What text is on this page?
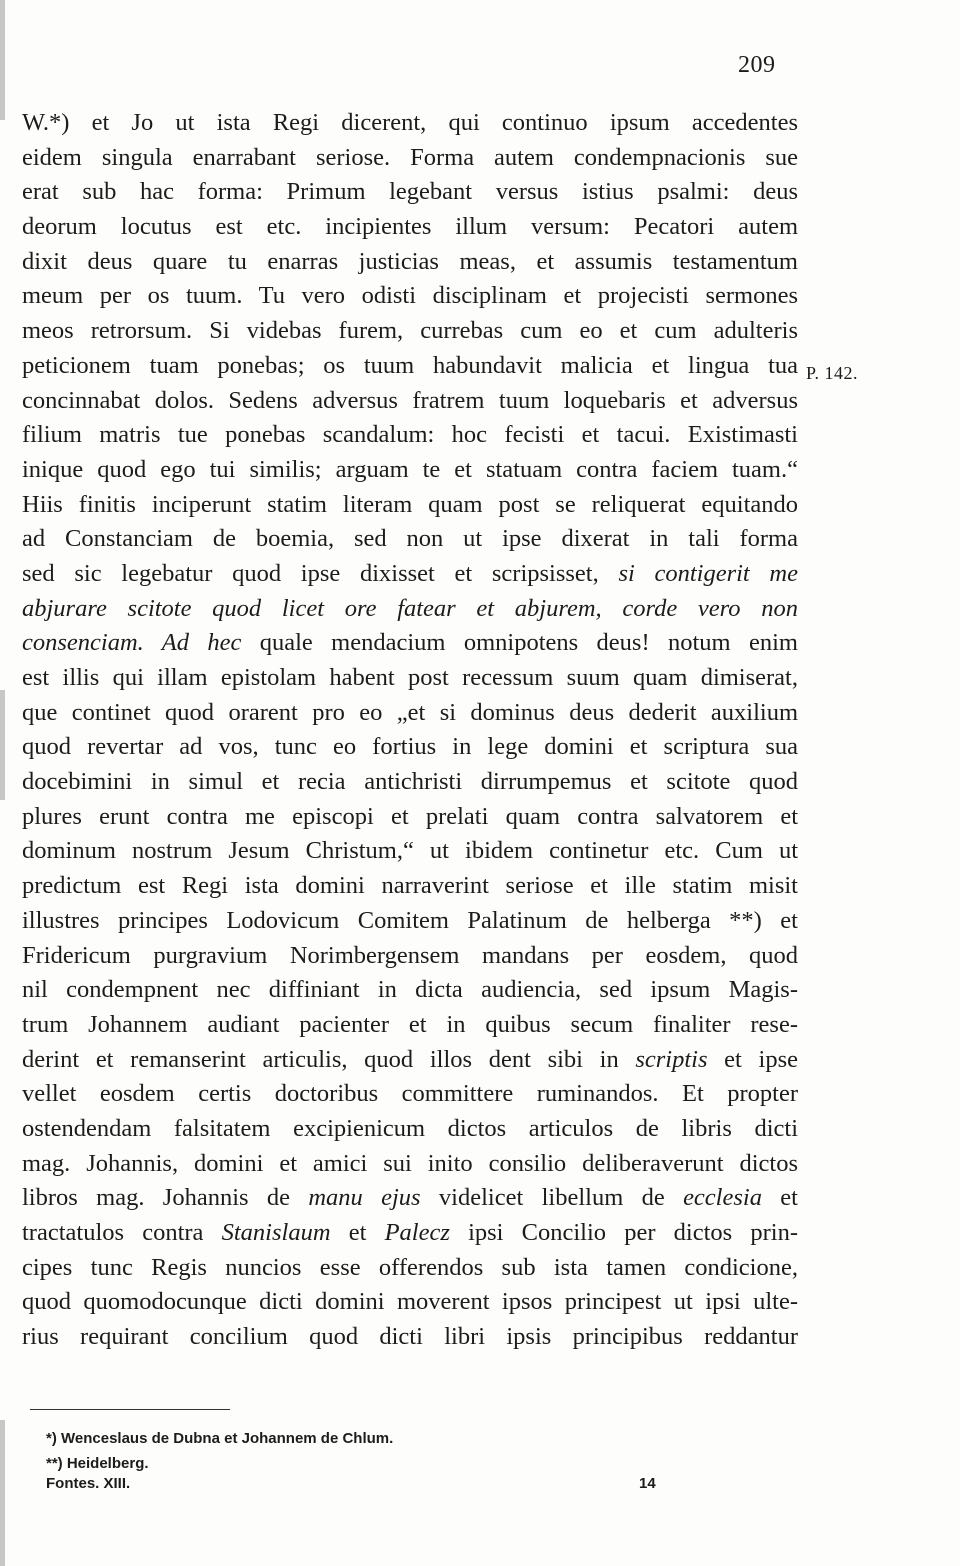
209
W.*) et Jo ut ista Regi dicerent, qui continuo ipsum accedentes
eidem singula enarrabant seriose. Forma autem condempnacionis sue
erat sub hac forma: Primum legebant versus istius psalmi: deus
deorum locutus est etc. incipientes illum versum: Pecatori autem
dixit deus quare tu enarras justicias meas, et assumis testamentum
meum per os tuum. Tu vero odisti disciplinam et projecisti sermones
meos retrorsum. Si videbas furem, currebas cum eo et cum adulteris
peticionem tuam ponebas; os tuum habundavit malicia et lingua tua
concinnabat dolos. Sedens adversus fratrem tuum loquebaris et adversus
filium matris tue ponebas scandalum: hoc fecisti et tacui. Existimasti
inique quod ego tui similis; arguam te et statuam contra faciem tuam.“
Hiis finitis inciperunt statim literam quam post se reliquerat equitando
ad Constanciam de boemia, sed non ut ipse dixerat in tali forma
sed sic legebatur quod ipse dixisset et scripsisset, si contigerit me
abjurare scitote quod licet ore fatear et abjurem, corde vero non
consenciam. Ad hec quale mendacium omnipotens deus! notum enim
est illis qui illam epistolam habent post recessum suum quam dimiserat,
que continet quod orarent pro eo „et si dominus deus dederit auxilium
quod revertar ad vos, tunc eo fortius in lege domini et scriptura sua
docebimini in simul et recia antichristi dirrumpemus et scitote quod
plures erunt contra me episcopi et prelati quam contra salvatorem et
dominum nostrum Jesum Christum,“ ut ibidem continetur etc. Cum ut
predictum est Regi ista domini narraverint seriose et ille statim misit
illustres principes Lodovicum Comitem Palatinum de helberga **) et
Fridericum purgravium Norimbergensem mandans per eosdem, quod
nil condempnent nec diffiniant in dicta audiencia, sed ipsum Magis-
trum Johannem audiant pacienter et in quibus secum finaliter rese-
derint et remanserint articulis, quod illos dent sibi in scriptis et ipse
vellet eosdem certis doctoribus committere ruminandos. Et propter
ostendendam falsitatem excipienicum dictos articulos de libris dicti
mag. Johannis, domini et amici sui inito consilio deliberaverunt dictos
libros mag. Johannis de manu ejus videlicet libellum de ecclesia et
tractatulos contra Stanislaum et Palecz ipsi Concilio per dictos prin-
cipes tunc Regis nuncios esse offerendos sub ista tamen condicione,
quod quomodocunque dicti domini moverent ipsos principest ut ipsi ulte-
rius requirant concilium quod dicti libri ipsis principibus reddantur
P. 142.
*) Wenceslaus de Dubna et Johannem de Chlum.
**) Heidelberg.
Fontes. XIII.	14
